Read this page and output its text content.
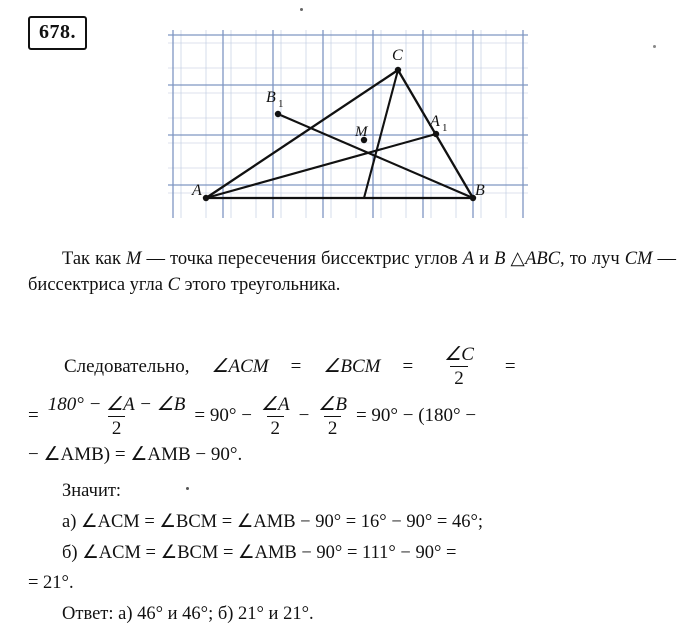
678.
C
B 1
A 1
M
A	B

Так как M — точка пересечения биссектрис углов A и B △ABC, то луч CM — биссектриса угла C этого треугольника.

Следовательно, ∠ACM = ∠BCM = $\frac{\angle C}{2}$ =
= $\frac{180^\circ - \angle A - \angle B}{2} = 90^\circ - \frac{\angle A}{2} - \frac{\angle B}{2} = 90^\circ - (180^\circ$ −
− ∠AMB) = ∠AMB − 90°.

Значит:

а) ∠ACM = ∠BCM = ∠AMB − 90° = 16° − 90° = 46°;

б) ∠ACM = ∠BCM = ∠AMB − 90° = 111° − 90° =

= 21°.

Ответ: а) 46° и 46°; б) 21° и 21°.
